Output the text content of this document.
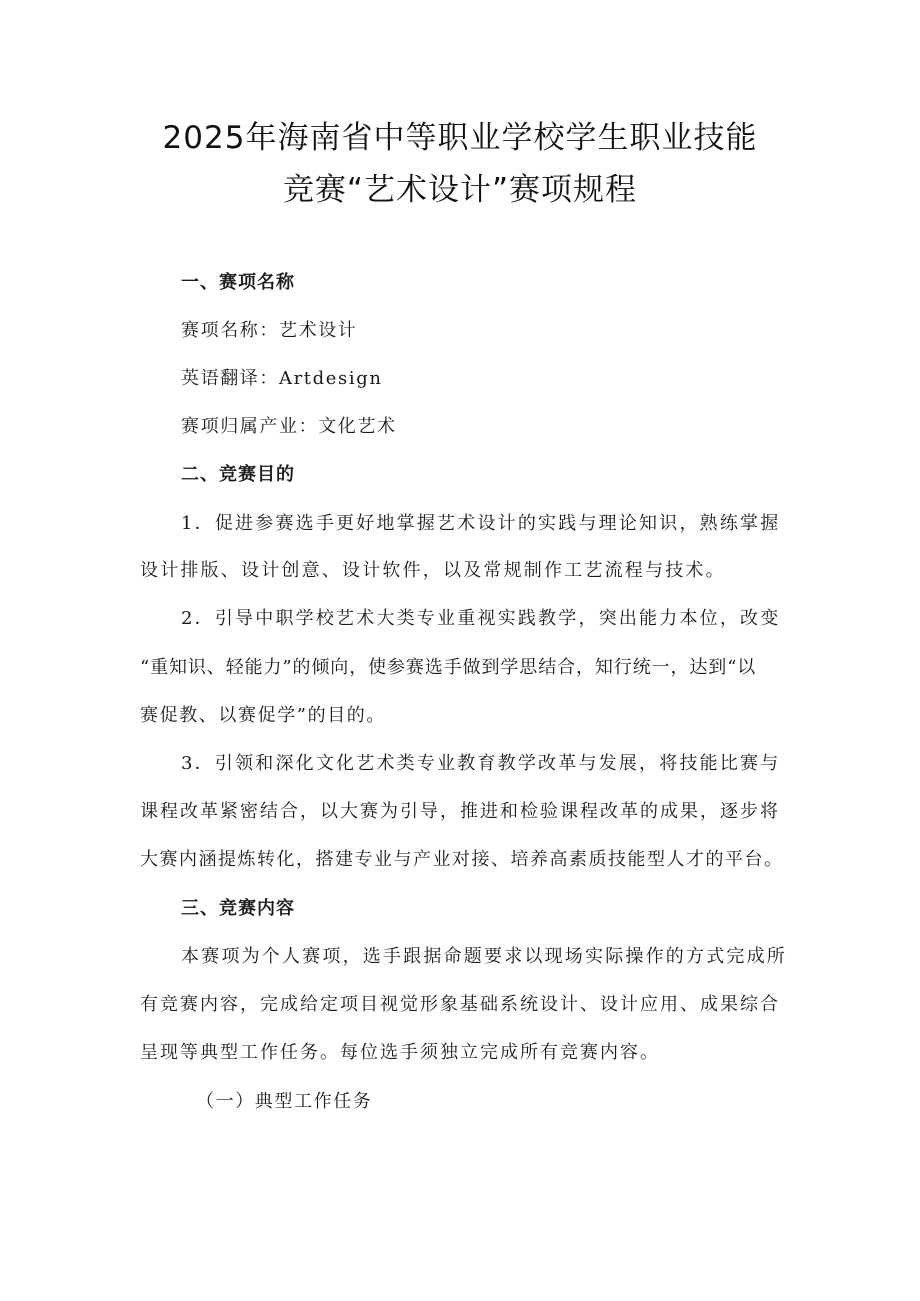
2025年海南省中等职业学校学生职业技能
竞赛“艺术设计”赛项规程
一、赛项名称
赛项名称：艺术设计
英语翻译：Artdesign
赛项归属产业：文化艺术
二、竞赛目的
1．促进参赛选手更好地掌握艺术设计的实践与理论知识，熟练掌握
设计排版、设计创意、设计软件，以及常规制作工艺流程与技术。
2．引导中职学校艺术大类专业重视实践教学，突出能力本位，改变
“重知识、轻能力”的倾向，使参赛选手做到学思结合，知行统一，达到“以
赛促教、以赛促学”的目的。
3．引领和深化文化艺术类专业教育教学改革与发展，将技能比赛与
课程改革紧密结合，以大赛为引导，推进和检验课程改革的成果，逐步将
大赛内涵提炼转化，搭建专业与产业对接、培养高素质技能型人才的平台。
三、竞赛内容
本赛项为个人赛项，选手跟据命题要求以现场实际操作的方式完成所
有竞赛内容，完成给定项目视觉形象基础系统设计、设计应用、成果综合
呈现等典型工作任务。每位选手须独立完成所有竞赛内容。
（一）典型工作任务
